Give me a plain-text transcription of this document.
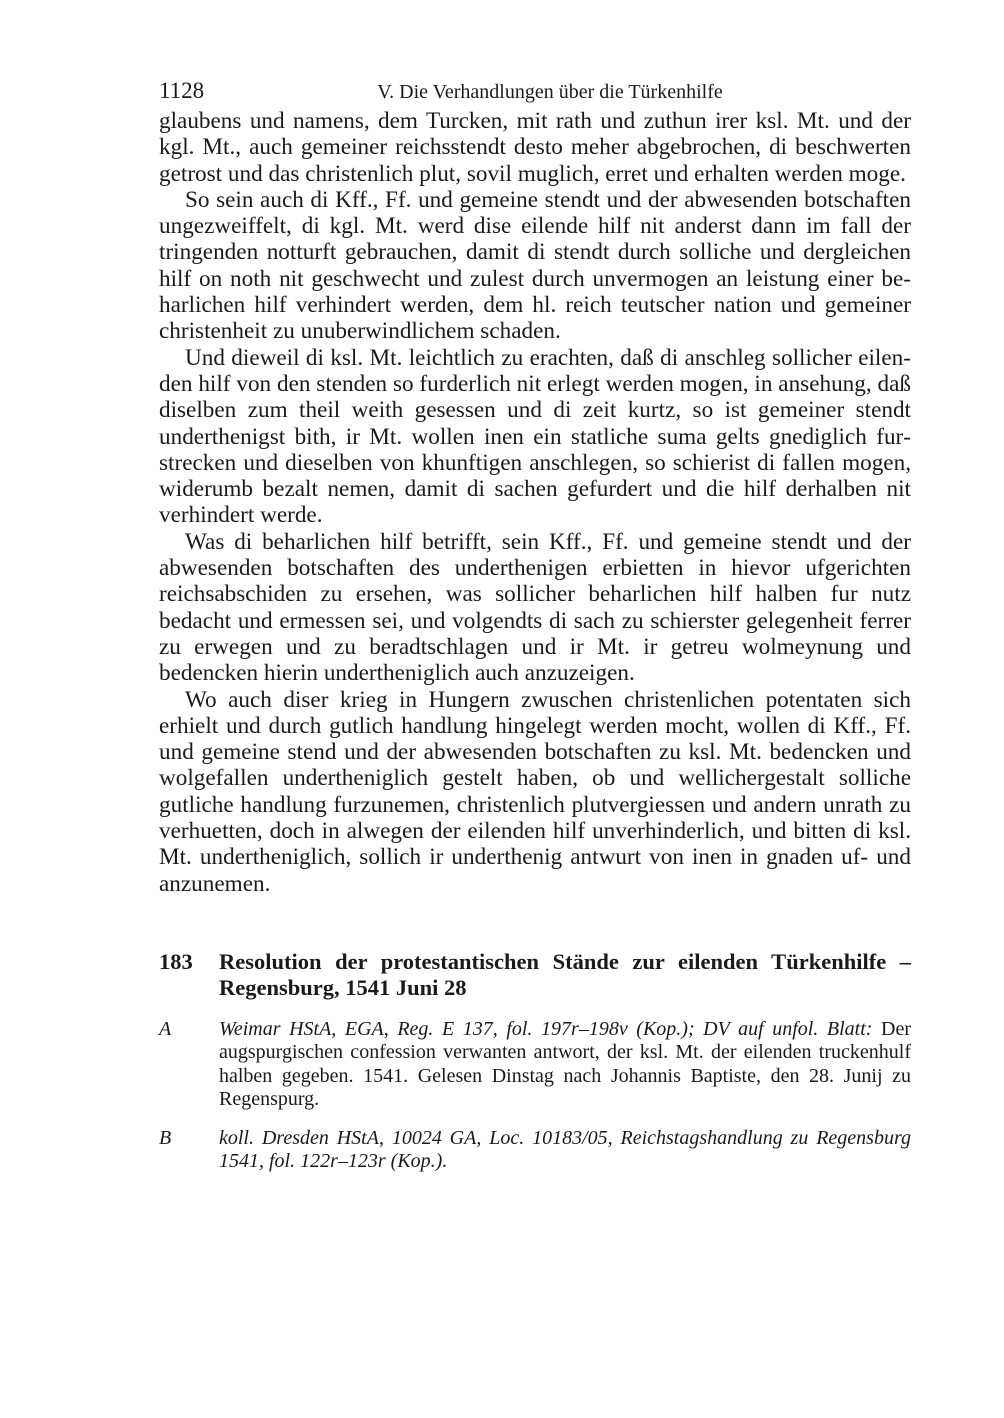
1128	V. Die Verhandlungen über die Türkenhilfe

glaubens und namens, dem Turcken, mit rath und zuthun irer ksl. Mt. und der kgl. Mt., auch gemeiner reichsstendt desto meher abgebrochen, di beschwerten getrost und das christenlich plut, sovil muglich, erret und erhalten werden moge.

So sein auch di Kff., Ff. und gemeine stendt und der abwesenden botschaften ungezweiffelt, di kgl. Mt. werd dise eilende hilf nit anderst dann im fall der tringenden notturft gebrauchen, damit di stendt durch solliche und dergleichen hilf on noth nit geschwecht und zulest durch unvermogen an leistung einer beharlichen hilf verhindert werden, dem hl. reich teutscher nation und gemeiner christenheit zu unuberwindlichem schaden.

Und dieweil di ksl. Mt. leichtlich zu erachten, daß di anschleg sollicher eilenden hilf von den stenden so furderlich nit erlegt werden mogen, in ansehung, daß diselben zum theil weith gesessen und di zeit kurtz, so ist gemeiner stendt underthenigst bith, ir Mt. wollen inen ein statliche suma gelts gnediglich furstrecken und dieselben von khunftigen anschlegen, so schierist di fallen mogen, widerumb bezalt nemen, damit di sachen gefurdert und die hilf derhalben nit verhindert werde.

Was di beharlichen hilf betrifft, sein Kff., Ff. und gemeine stendt und der abwesenden botschaften des underthenigen erbietten in hievor ufgerichten reichsabschiden zu ersehen, was sollicher beharlichen hilf halben fur nutz bedacht und ermessen sei, und volgendts di sach zu schierster gelegenheit ferrer zu erwegen und zu beradtschlagen und ir Mt. ir getreu wolmeynung und bedencken hierin undertheniglich auch anzuzeigen.

Wo auch diser krieg in Hungern zwuschen christenlichen potentaten sich erhielt und durch gutlich handlung hingelegt werden mocht, wollen di Kff., Ff. und gemeine stend und der abwesenden botschaften zu ksl. Mt. bedencken und wolgefallen undertheniglich gestelt haben, ob und wellichergestalt solliche gutliche handlung furzunemen, christenlich plutvergiessen und andern unrath zu verhuetten, doch in alwegen der eilenden hilf unverhinderlich, und bitten di ksl. Mt. undertheniglich, sollich ir underthenig antwurt von inen in gnaden uf- und anzunemen.

183	Resolution der protestantischen Stände zur eilenden Türkenhilfe – Regensburg, 1541 Juni 28
A	Weimar HStA, EGA, Reg. E 137, fol. 197r–198v (Kop.); DV auf unfol. Blatt: Der augspurgischen confession verwanten antwort, der ksl. Mt. der eilenden truckenhulf halben gegeben. 1541. Gelesen Dinstag nach Johannis Baptiste, den 28. Junij zu Regenspurg.
B	koll. Dresden HStA, 10024 GA, Loc. 10183/05, Reichstagshandlung zu Regensburg 1541, fol. 122r–123r (Kop.).
